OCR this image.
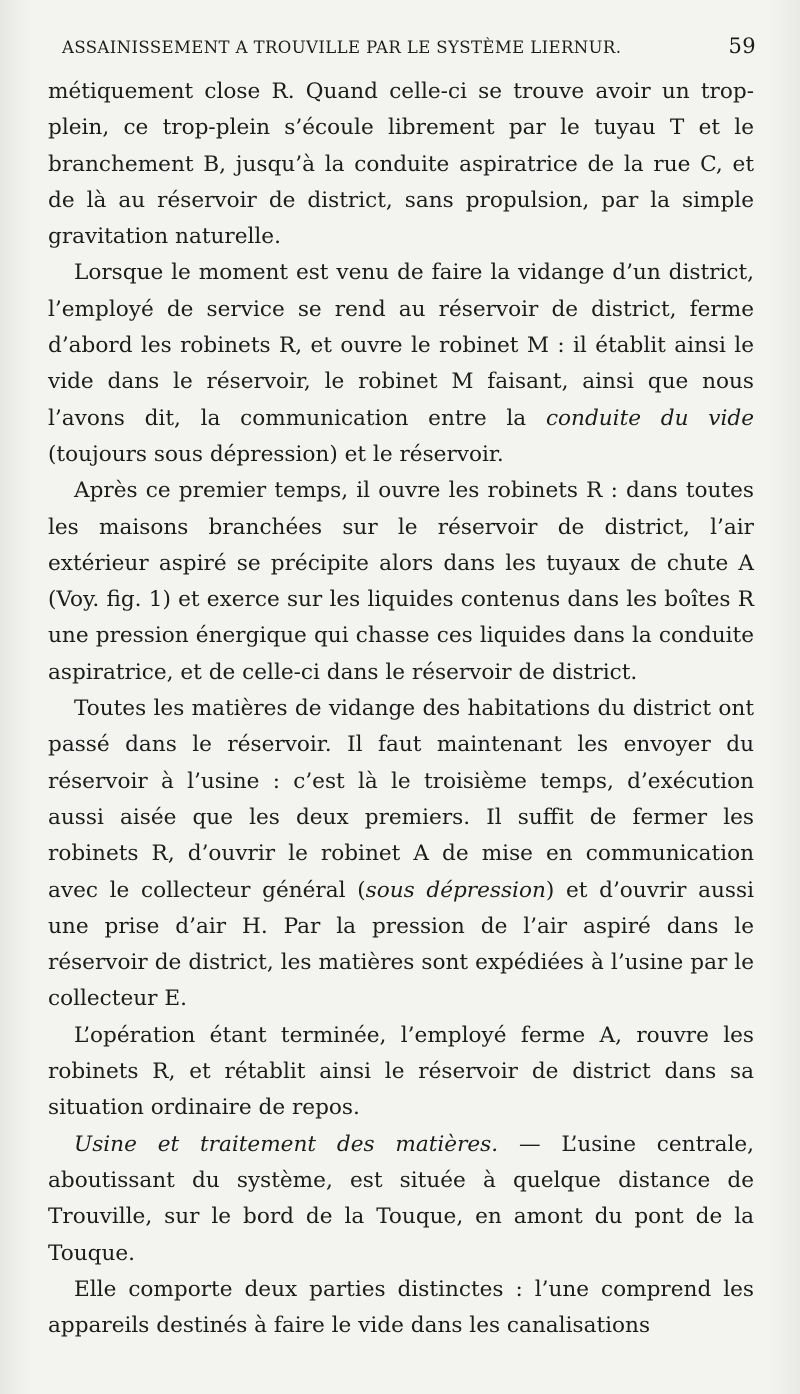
ASSAINISSEMENT A TROUVILLE PAR LE SYSTÈME LIERNUR.	59

métiquement close R. Quand celle-ci se trouve avoir un trop-plein, ce trop-plein s’écoule librement par le tuyau T et le branchement B, jusqu’à la conduite aspiratrice de la rue C, et de là au réservoir de district, sans propulsion, par la simple gravitation naturelle.

Lorsque le moment est venu de faire la vidange d’un district, l’employé de service se rend au réservoir de district, ferme d’abord les robinets R, et ouvre le robinet M : il établit ainsi le vide dans le réservoir, le robinet M faisant, ainsi que nous l’avons dit, la communication entre la conduite du vide (toujours sous dépression) et le réservoir.

Après ce premier temps, il ouvre les robinets R : dans toutes les maisons branchées sur le réservoir de district, l’air extérieur aspiré se précipite alors dans les tuyaux de chute A (Voy. fig. 1) et exerce sur les liquides contenus dans les boîtes R une pression énergique qui chasse ces liquides dans la conduite aspiratrice, et de celle-ci dans le réservoir de district.

Toutes les matières de vidange des habitations du district ont passé dans le réservoir. Il faut maintenant les envoyer du réservoir à l’usine : c’est là le troisième temps, d’exécution aussi aisée que les deux premiers. Il suffit de fermer les robinets R, d’ouvrir le robinet A de mise en communication avec le collecteur général (sous dépression) et d’ouvrir aussi une prise d’air H. Par la pression de l’air aspiré dans le réservoir de district, les matières sont expédiées à l’usine par le collecteur E.

L’opération étant terminée, l’employé ferme A, rouvre les robinets R, et rétablit ainsi le réservoir de district dans sa situation ordinaire de repos.

Usine et traitement des matières. — L’usine centrale, aboutissant du système, est située à quelque distance de Trouville, sur le bord de la Touque, en amont du pont de la Touque.

Elle comporte deux parties distinctes : l’une comprend les appareils destinés à faire le vide dans les canalisations
